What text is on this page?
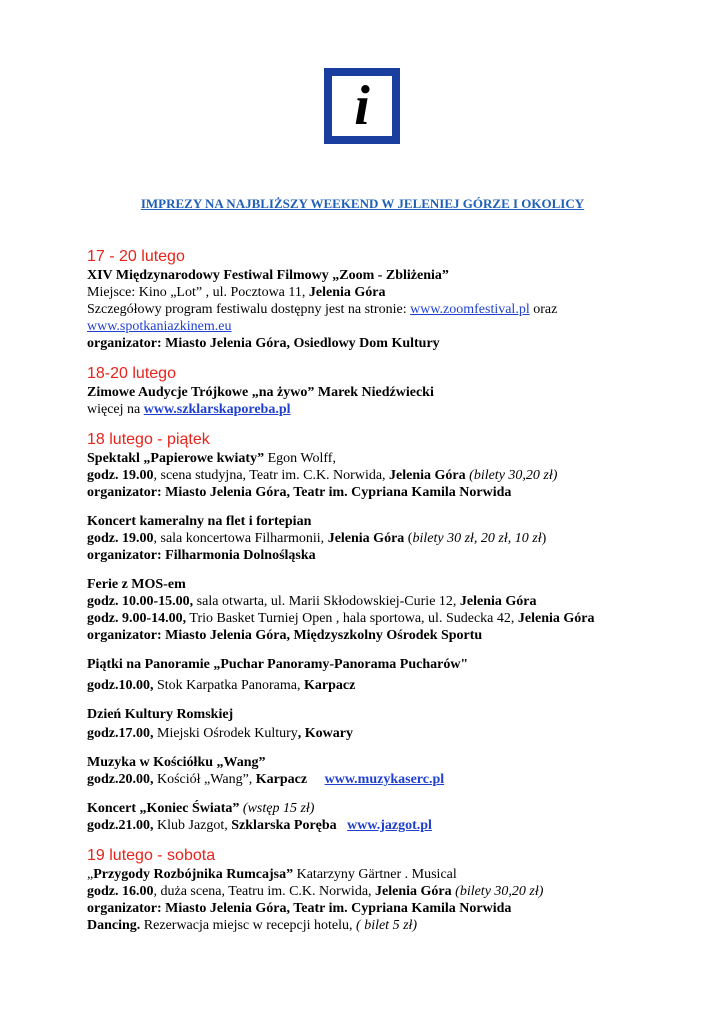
i
IMPREZY NA NAJBLIŻSZY WEEKEND W JELENIEJ GÓRZE I OKOLICY

17 - 20 lutego

XIV Międzynarodowy Festiwal Filmowy „Zoom - Zbliżenia”

Miejsce: Kino „Lot” , ul. Pocztowa 11, Jelenia Góra

Szczegółowy program festiwalu dostępny jest na stronie: www.zoomfestival.pl oraz

www.spotkaniazkinem.eu

organizator: Miasto Jelenia Góra, Osiedlowy Dom Kultury

18-20 lutego

Zimowe Audycje Trójkowe „na żywo” Marek Niedźwiecki

więcej na www.szklarskaporeba.pl

18 lutego - piątek

Spektakl „Papierowe kwiaty” Egon Wolff,

godz. 19.00, scena studyjna, Teatr im. C.K. Norwida, Jelenia Góra (bilety 30,20 zł)

organizator: Miasto Jelenia Góra, Teatr im. Cypriana Kamila Norwida

Koncert kameralny na flet i fortepian

godz. 19.00, sala koncertowa Filharmonii, Jelenia Góra (bilety 30 zł, 20 zł, 10 zł)

organizator: Filharmonia Dolnośląska

Ferie z MOS-em

godz. 10.00-15.00, sala otwarta, ul. Marii Skłodowskiej-Curie 12, Jelenia Góra

godz. 9.00-14.00, Trio Basket Turniej Open , hala sportowa, ul. Sudecka 42, Jelenia Góra

organizator: Miasto Jelenia Góra, Międzyszkolny Ośrodek Sportu

Piątki na Panoramie „Puchar Panoramy-Panorama Pucharów"

godz.10.00, Stok Karpatka Panorama, Karpacz

Dzień Kultury Romskiej

godz.17.00, Miejski Ośrodek Kultury, Kowary

Muzyka w Kościółku „Wang”

godz.20.00, Kościół „Wang”, Karpacz www.muzykaserc.pl

Koncert „Koniec Świata” (wstęp 15 zł)

godz.21.00, Klub Jazgot, Szklarska Poręba www.jazgot.pl

19 lutego - sobota

„Przygody Rozbójnika Rumcajsa” Katarzyny Gärtner . Musical

godz. 16.00, duża scena, Teatru im. C.K. Norwida, Jelenia Góra (bilety 30,20 zł)

organizator: Miasto Jelenia Góra, Teatr im. Cypriana Kamila Norwida

Dancing. Rezerwacja miejsc w recepcji hotelu, ( bilet 5 zł)
